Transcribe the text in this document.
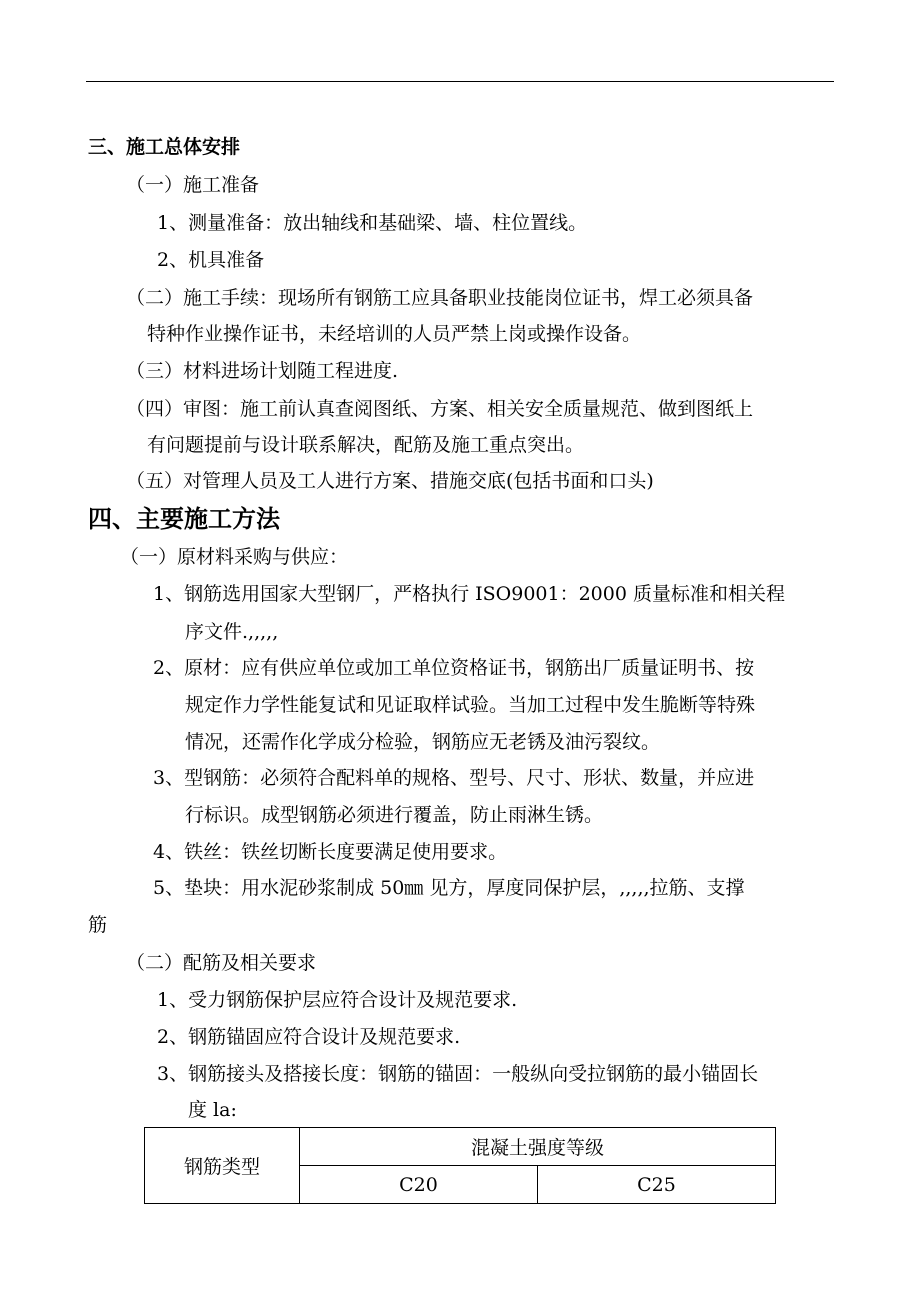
三、施工总体安排
（一）施工准备
1、测量准备：放出轴线和基础梁、墙、柱位置线。
2、机具准备
（二）施工手续：现场所有钢筋工应具备职业技能岗位证书，焊工必须具备
特种作业操作证书，未经培训的人员严禁上岗或操作设备。
（三）材料进场计划随工程进度.
（四）审图：施工前认真查阅图纸、方案、相关安全质量规范、做到图纸上
有问题提前与设计联系解决，配筋及施工重点突出。
（五）对管理人员及工人进行方案、措施交底(包括书面和口头)
四、主要施工方法
（一）原材料采购与供应：
1、钢筋选用国家大型钢厂，严格执行 ISO9001：2000 质量标准和相关程
序文件.,,,,,
2、原材：应有供应单位或加工单位资格证书，钢筋出厂质量证明书、按
规定作力学性能复试和见证取样试验。当加工过程中发生脆断等特殊
情况，还需作化学成分检验，钢筋应无老锈及油污裂纹。
3、型钢筋：必须符合配料单的规格、型号、尺寸、形状、数量，并应进
行标识。成型钢筋必须进行覆盖，防止雨淋生锈。
4、铁丝：铁丝切断长度要满足使用要求。
5、垫块：用水泥砂浆制成 50㎜ 见方，厚度同保护层，,,,,,拉筋、支撑
筋
（二）配筋及相关要求
1、受力钢筋保护层应符合设计及规范要求.
2、钢筋锚固应符合设计及规范要求.
3、钢筋接头及搭接长度：钢筋的锚固：一般纵向受拉钢筋的最小锚固长
度 la:
钢筋类型	混凝土强度等级	
	C20	C25
